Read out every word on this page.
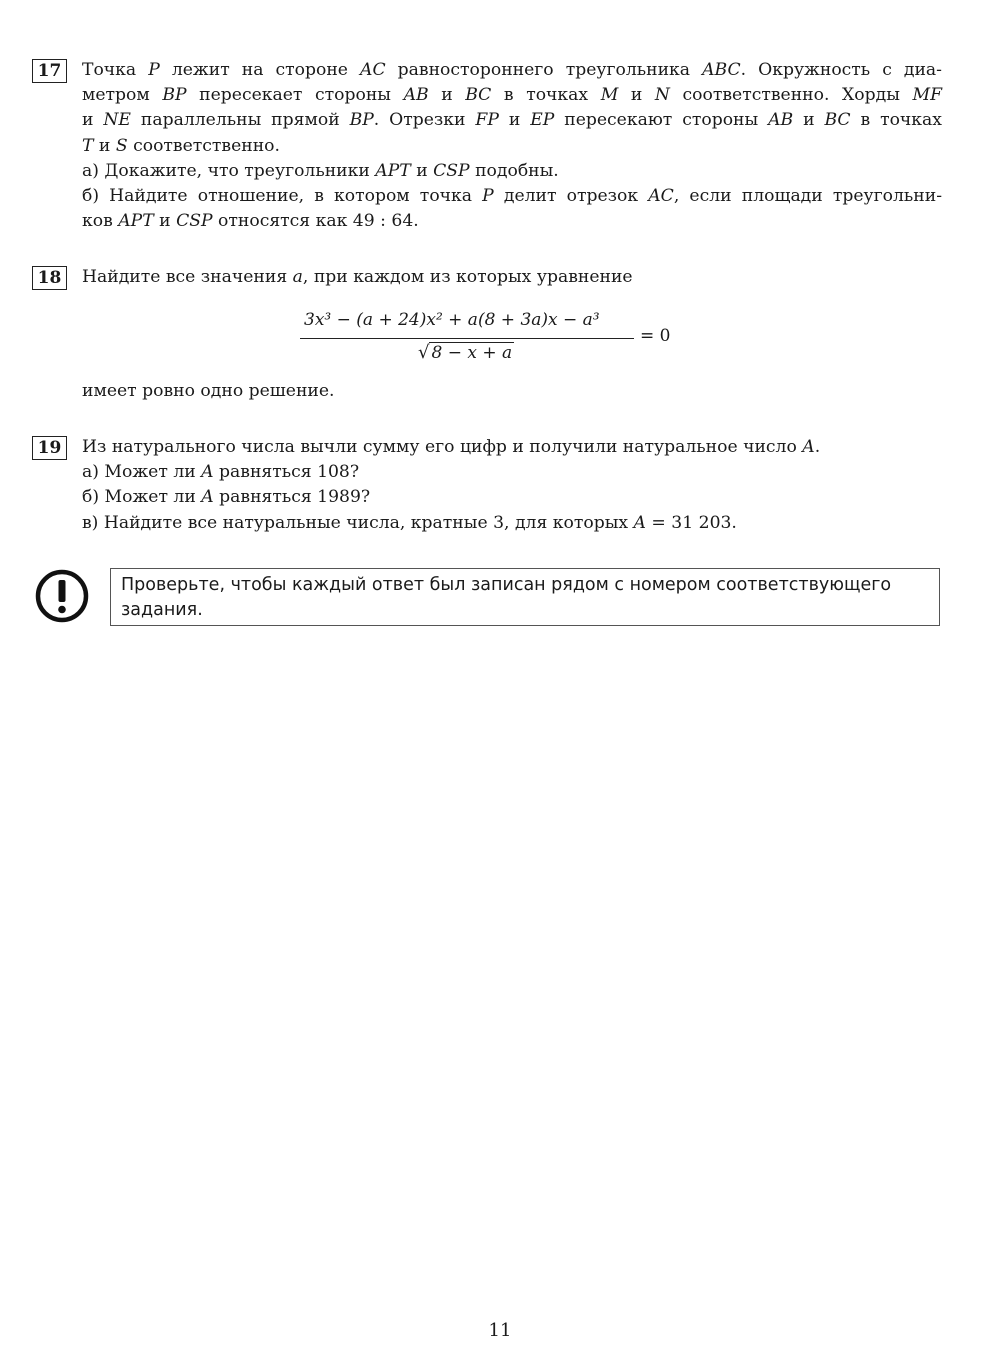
17	Точка P лежит на стороне AC равностороннего треугольника ABC. Окружность с диа-
метром BP пересекает стороны AB и BC в точках M и N соответственно. Хорды MF
и NE параллельны прямой BP. Отрезки FP и EP пересекают стороны AB и BC в точках
T и S соответственно.
а) Докажите, что треугольники APT и CSP подобны.
б) Найдите отношение, в котором точка P делит отрезок AC, если площади треугольни-
ков APT и CSP относятся как 49 : 64.
18	Найдите все значения a, при каждом из которых уравнение
3x³ − (a + 24)x² + a(8 + 3a)x − a³
√ 8 − x + a
= 0
имеет ровно одно решение.
19	Из натурального числа вычли сумму его цифр и получили натуральное число A.
а) Может ли A равняться 108?
б) Может ли A равняться 1989?
в) Найдите все натуральные числа, кратные 3, для которых A = 31 203.
Проверьте, чтобы каждый ответ был записан рядом с номером соответствующего задания.
11
